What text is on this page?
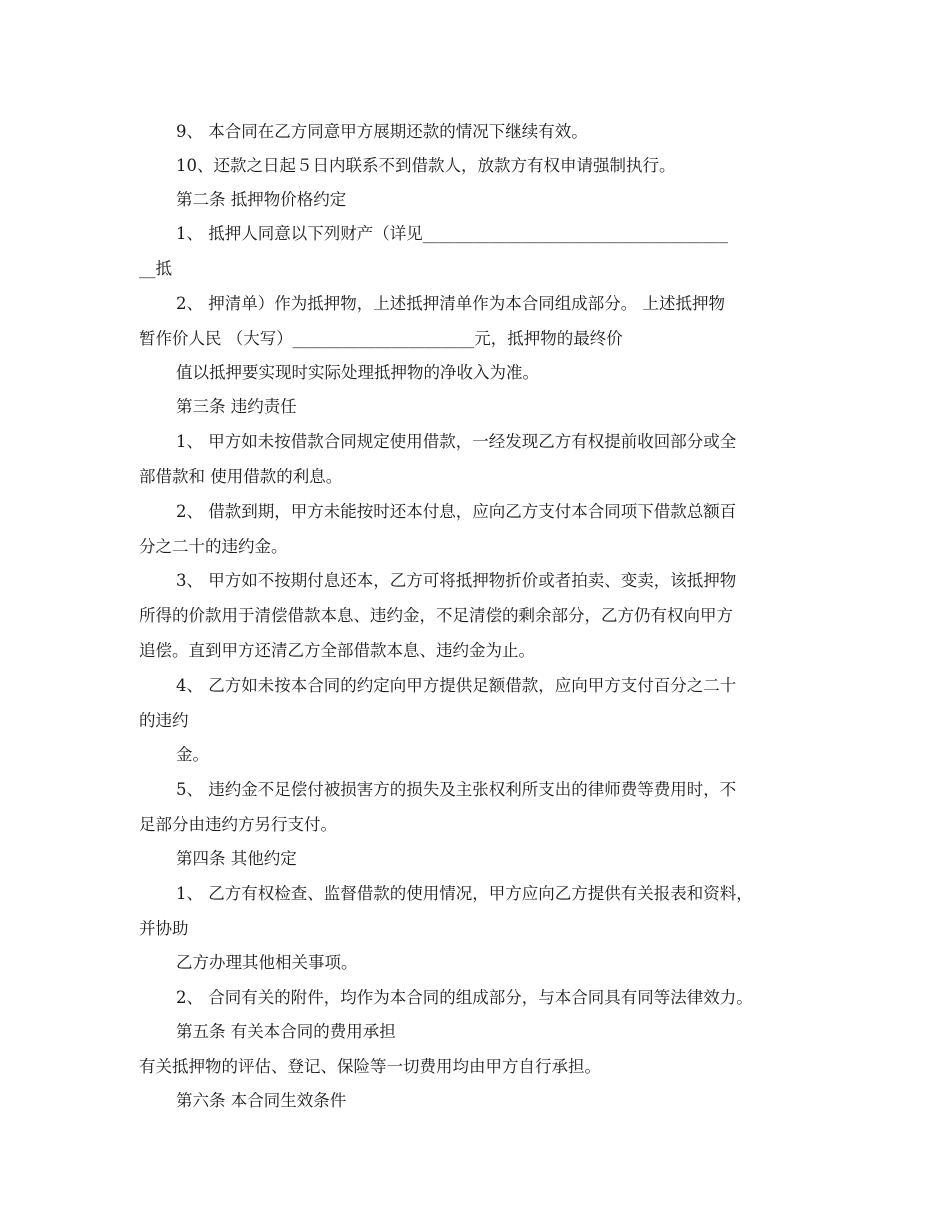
9、 本合同在乙方同意甲方展期还款的情况下继续有效。
10、还款之日起５日内联系不到借款人，放款方有权申请强制执行。
第二条 抵押物价格约定
1、 抵押人同意以下列财产（详见_____________________________________
__抵
2、 押清单）作为抵押物，上述抵押清单作为本合同组成部分。 上述抵押物
暂作价人民 （大写）______________________元，抵押物的最终价
值以抵押要实现时实际处理抵押物的净收入为准。
第三条 违约责任
1、 甲方如未按借款合同规定使用借款，一经发现乙方有权提前收回部分或全
部借款和 使用借款的利息。
2、 借款到期，甲方未能按时还本付息，应向乙方支付本合同项下借款总额百
分之二十的违约金。
3、 甲方如不按期付息还本，乙方可将抵押物折价或者拍卖、变卖，该抵押物
所得的价款用于清偿借款本息、违约金，不足清偿的剩余部分，乙方仍有权向甲方
追偿。直到甲方还清乙方全部借款本息、违约金为止。
4、 乙方如未按本合同的约定向甲方提供足额借款，应向甲方支付百分之二十
的违约
金。
5、 违约金不足偿付被损害方的损失及主张权利所支出的律师费等费用时，不
足部分由违约方另行支付。
第四条 其他约定
1、 乙方有权检查、监督借款的使用情况，甲方应向乙方提供有关报表和资料，
并协助
乙方办理其他相关事项。
2、 合同有关的附件，均作为本合同的组成部分，与本合同具有同等法律效力。
第五条 有关本合同的费用承担
有关抵押物的评估、登记、保险等一切费用均由甲方自行承担。
第六条 本合同生效条件
